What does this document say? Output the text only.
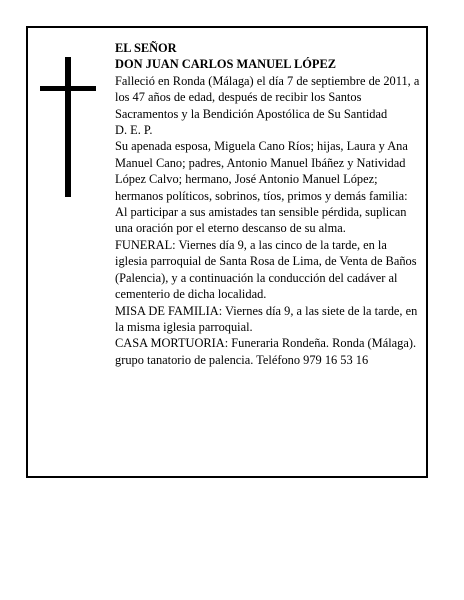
EL SEÑOR

DON JUAN CARLOS MANUEL LÓPEZ

Falleció en Ronda (Málaga) el día 7 de septiembre de 2011, a los 47 años de edad, después de recibir los Santos Sacramentos y la Bendición Apostólica de Su Santidad

D. E. P.

Su apenada esposa, Miguela Cano Ríos; hijas, Laura y Ana Manuel Cano; padres, Antonio Manuel Ibáñez y Natividad López Calvo; hermano, José Antonio Manuel López; hermanos políticos, sobrinos, tíos, primos y demás familia:

Al participar a sus amistades tan sensible pérdida, suplican una oración por el eterno descanso de su alma.

FUNERAL: Viernes día 9, a las cinco de la tarde, en la iglesia parroquial de Santa Rosa de Lima, de Venta de Baños (Palencia), y a continuación la conducción del cadáver al cementerio de dicha localidad.

MISA DE FAMILIA: Viernes día 9, a las siete de la tarde, en la misma iglesia parroquial.

CASA MORTUORIA: Funeraria Rondeña. Ronda (Málaga).

grupo tanatorio de palencia. Teléfono 979 16 53 16
